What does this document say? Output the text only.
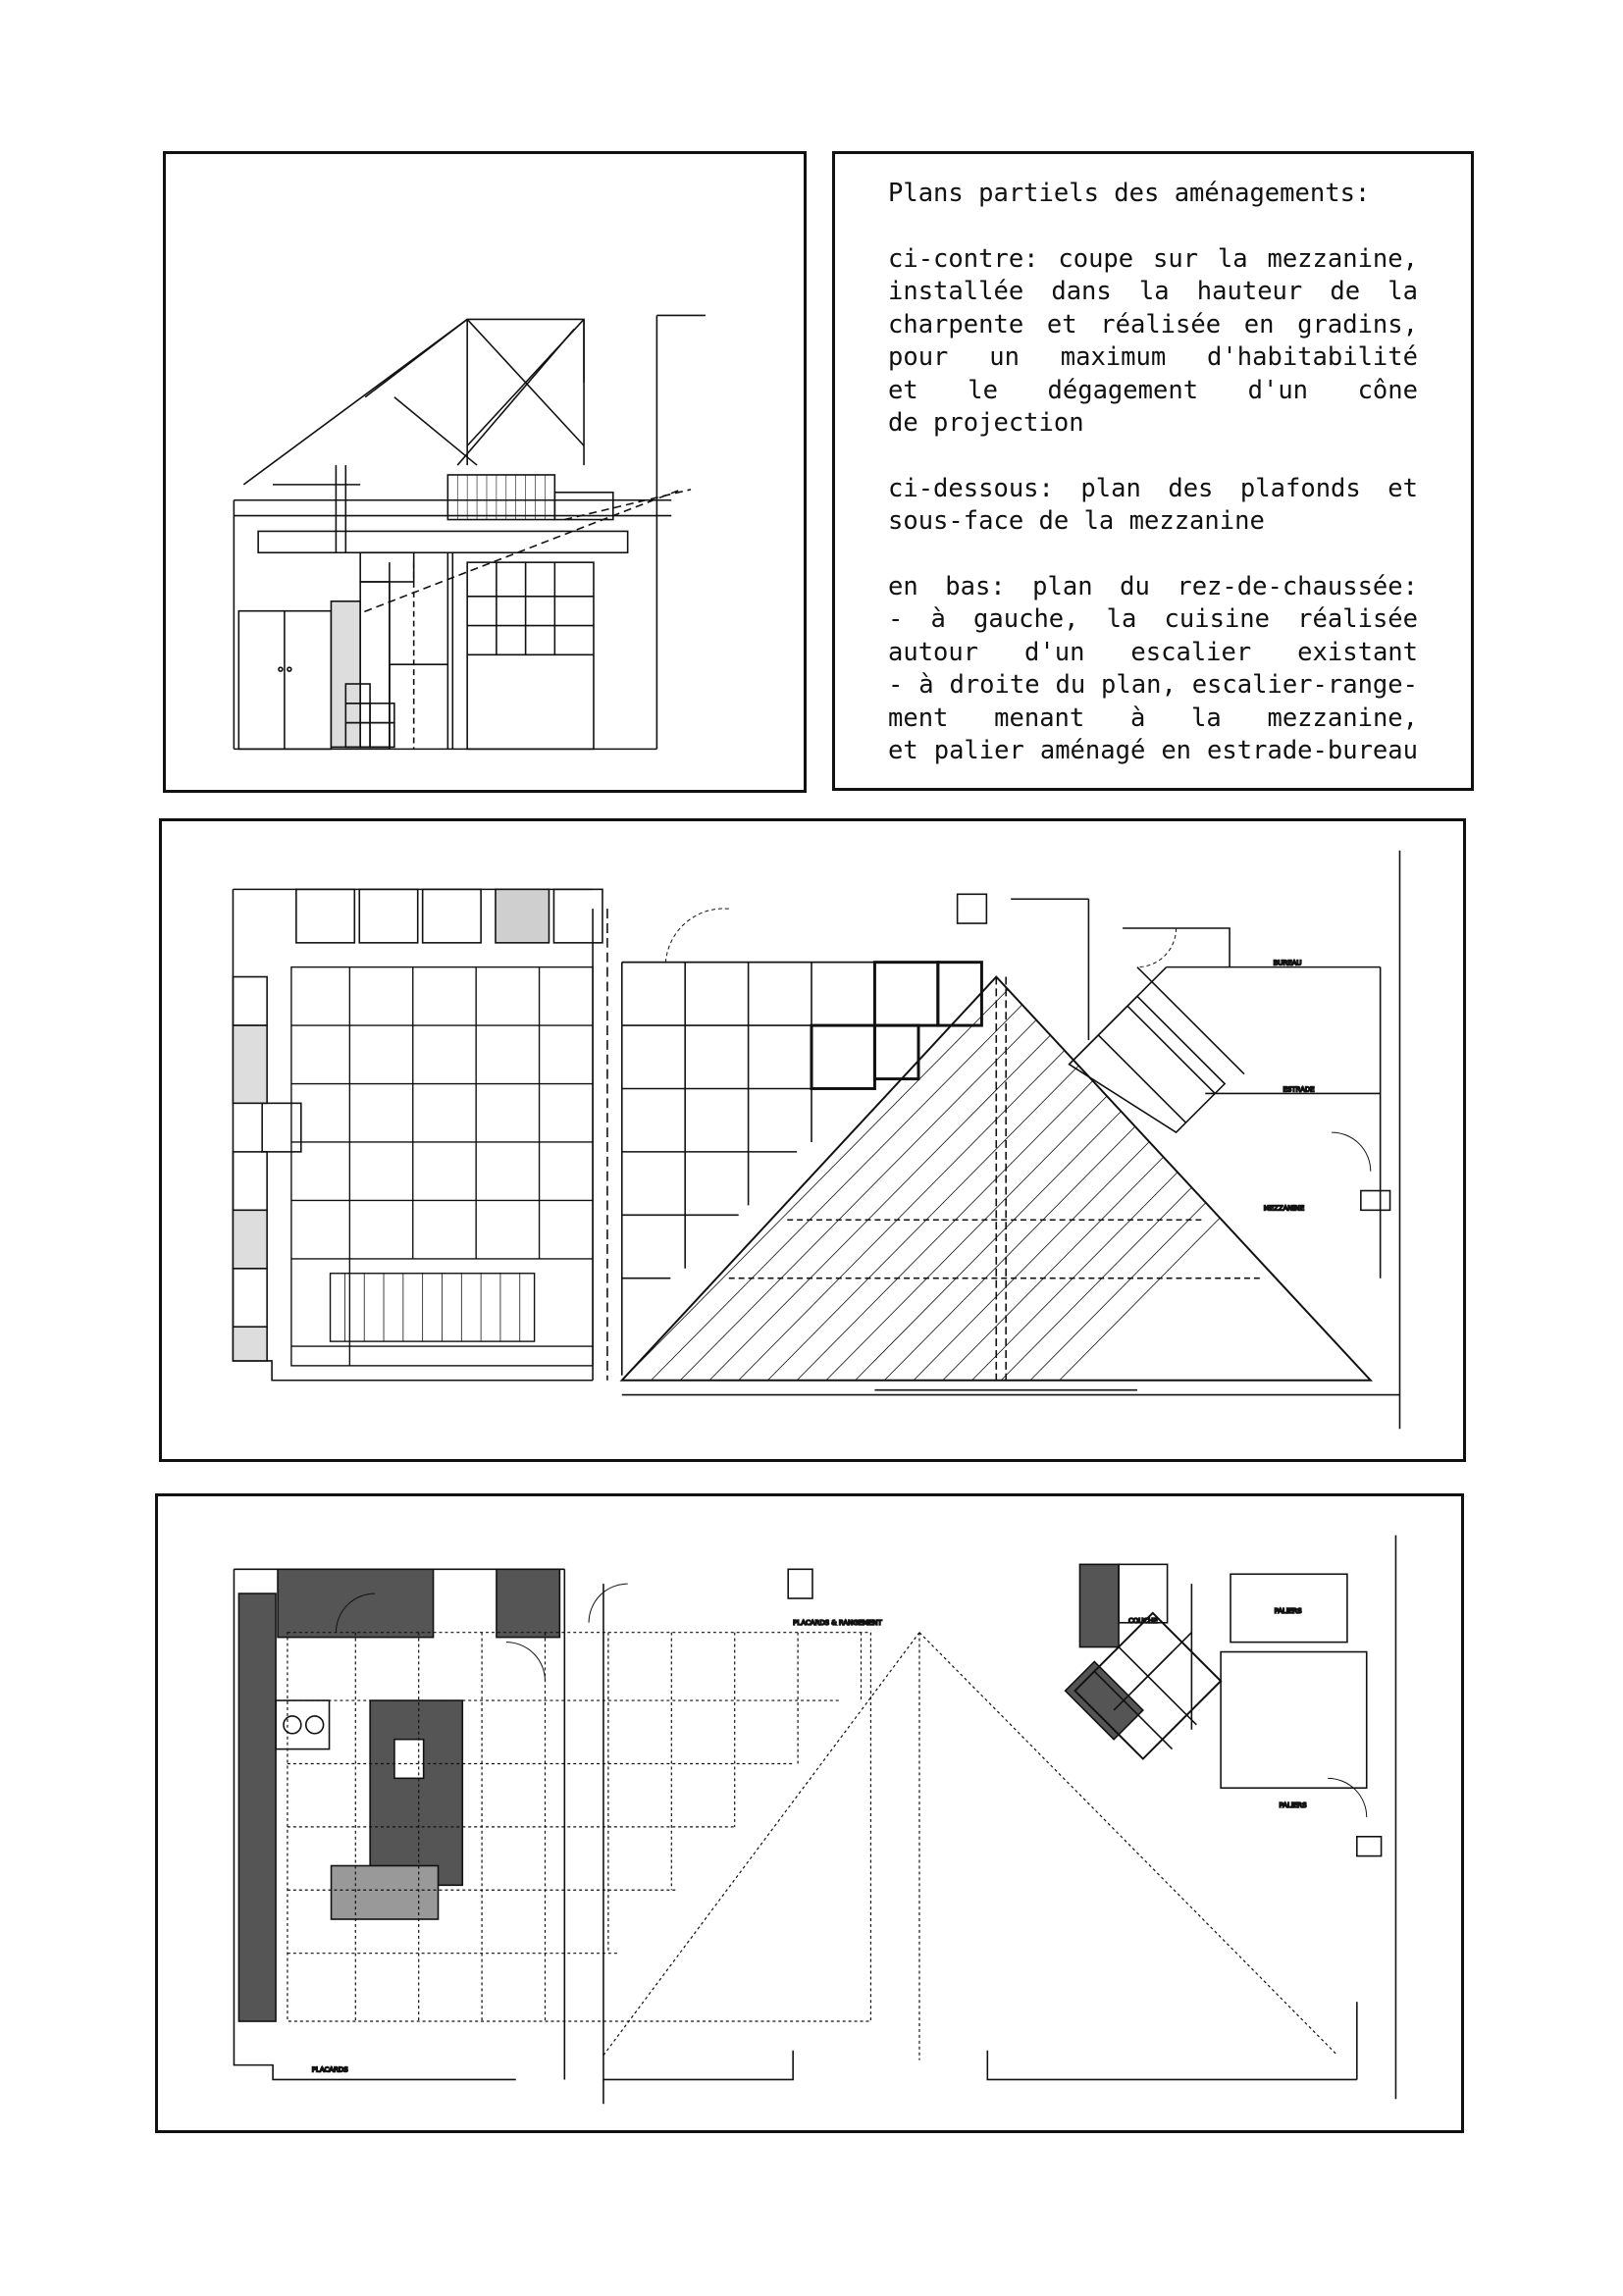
Plans partiels des aménagements:

ci-contre: coupe sur la mezzanine,
installée dans la hauteur de la
charpente et réalisée en gradins,
pour un maximum d'habitabilité
et le dégagement d'un cône
de projection

ci-dessous: plan des plafonds et
sous-face de la mezzanine

en bas: plan du rez-de-chaussée:
- à gauche, la cuisine réalisée
autour d'un escalier existant
- à droite du plan, escalier-range-
ment menant à la mezzanine,
et palier aménagé en estrade-bureau

BUREAU
ESTRADE
MEZZANINE
PLACARDS
PLACARDS & RANGEMENT	COUCHE
PALIERS
PALIERS
